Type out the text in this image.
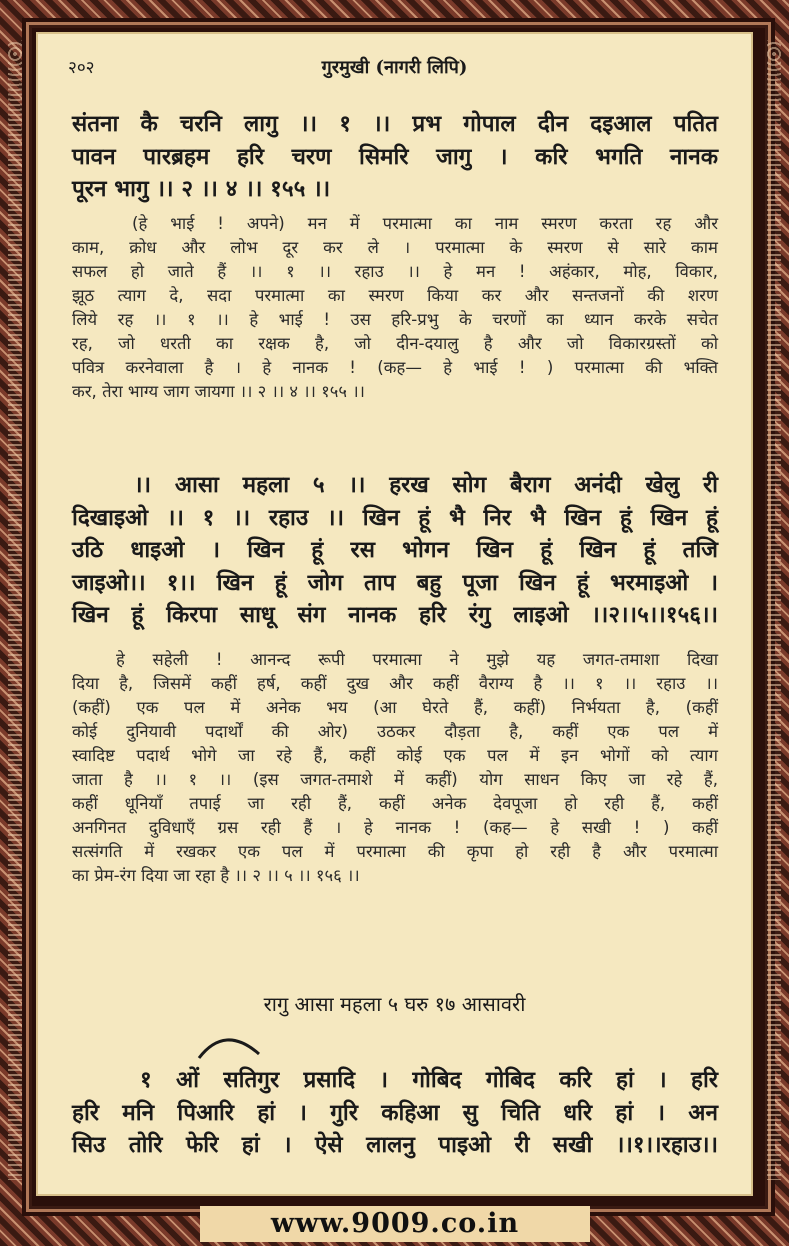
२०२	गुरमुखी (नागरी लिपि)
संतना कै चरनि लागु ।। १ ।। प्रभ गोपाल दीन दइआल पतित
पावन पारब्रहम हरि चरण सिमरि जागु । करि भगति नानक
पूरन भागु ।। २ ।। ४ ।। १५५ ।।
(हे भाई ! अपने) मन में परमात्मा का नाम स्मरण करता रह और
काम, क्रोध और लोभ दूर कर ले । परमात्मा के स्मरण से सारे काम
सफल हो जाते हैं ।। १ ।। रहाउ ।। हे मन ! अहंकार, मोह, विकार,
झूठ त्याग दे, सदा परमात्मा का स्मरण किया कर और सन्तजनों की शरण
लिये रह ।। १ ।। हे भाई ! उस हरि-प्रभु के चरणों का ध्यान करके सचेत
रह, जो धरती का रक्षक है, जो दीन-दयालु है और जो विकारग्रस्तों को
पवित्र करनेवाला है । हे नानक ! (कह— हे भाई ! ) परमात्मा की भक्ति
कर, तेरा भाग्य जाग जायगा ।। २ ।। ४ ।। १५५ ।।
।। आसा महला ५ ।। हरख सोग बैराग अनंदी खेलु री
दिखाइओ ।। १ ।। रहाउ ।। खिन हूं भै निर भै खिन हूं खिन हूं
उठि धाइओ । खिन हूं रस भोगन खिन हूं खिन हूं तजि
जाइओ।। १।। खिन हूं जोग ताप बहु पूजा खिन हूं भरमाइओ ।
खिन हूं किरपा साधू संग नानक हरि रंगु लाइओ ।।२।।५।।१५६।।
हे सहेली ! आनन्द रूपी परमात्मा ने मुझे यह जगत-तमाशा दिखा
दिया है, जिसमें कहीं हर्ष, कहीं दुख और कहीं वैराग्य है ।। १ ।। रहाउ ।।
(कहीं) एक पल में अनेक भय (आ घेरते हैं, कहीं) निर्भयता है, (कहीं
कोई दुनियावी पदार्थों की ओर) उठकर दौड़ता है, कहीं एक पल में
स्वादिष्ट पदार्थ भोगे जा रहे हैं, कहीं कोई एक पल में इन भोगों को त्याग
जाता है ।। १ ।। (इस जगत-तमाशे में कहीं) योग साधन किए जा रहे हैं,
कहीं धूनियाँ तपाई जा रही हैं, कहीं अनेक देवपूजा हो रही हैं, कहीं
अनगिनत दुविधाएँ ग्रस रही हैं । हे नानक ! (कह— हे सखी ! ) कहीं
सत्संगति में रखकर एक पल में परमात्मा की कृपा हो रही है और परमात्मा
का प्रेम-रंग दिया जा रहा है ।। २ ।। ५ ।। १५६ ।।
रागु आसा महला ५ घरु १७ आसावरी
१ ओं सतिगुर प्रसादि । गोबिद गोबिद करि हां । हरि
हरि मनि पिआरि हां । गुरि कहिआ सु चिति धरि हां । अन
सिउ तोरि फेरि हां । ऐसे लालनु पाइओ री सखी ।।१।।रहाउ।।
www.9009.co.in
